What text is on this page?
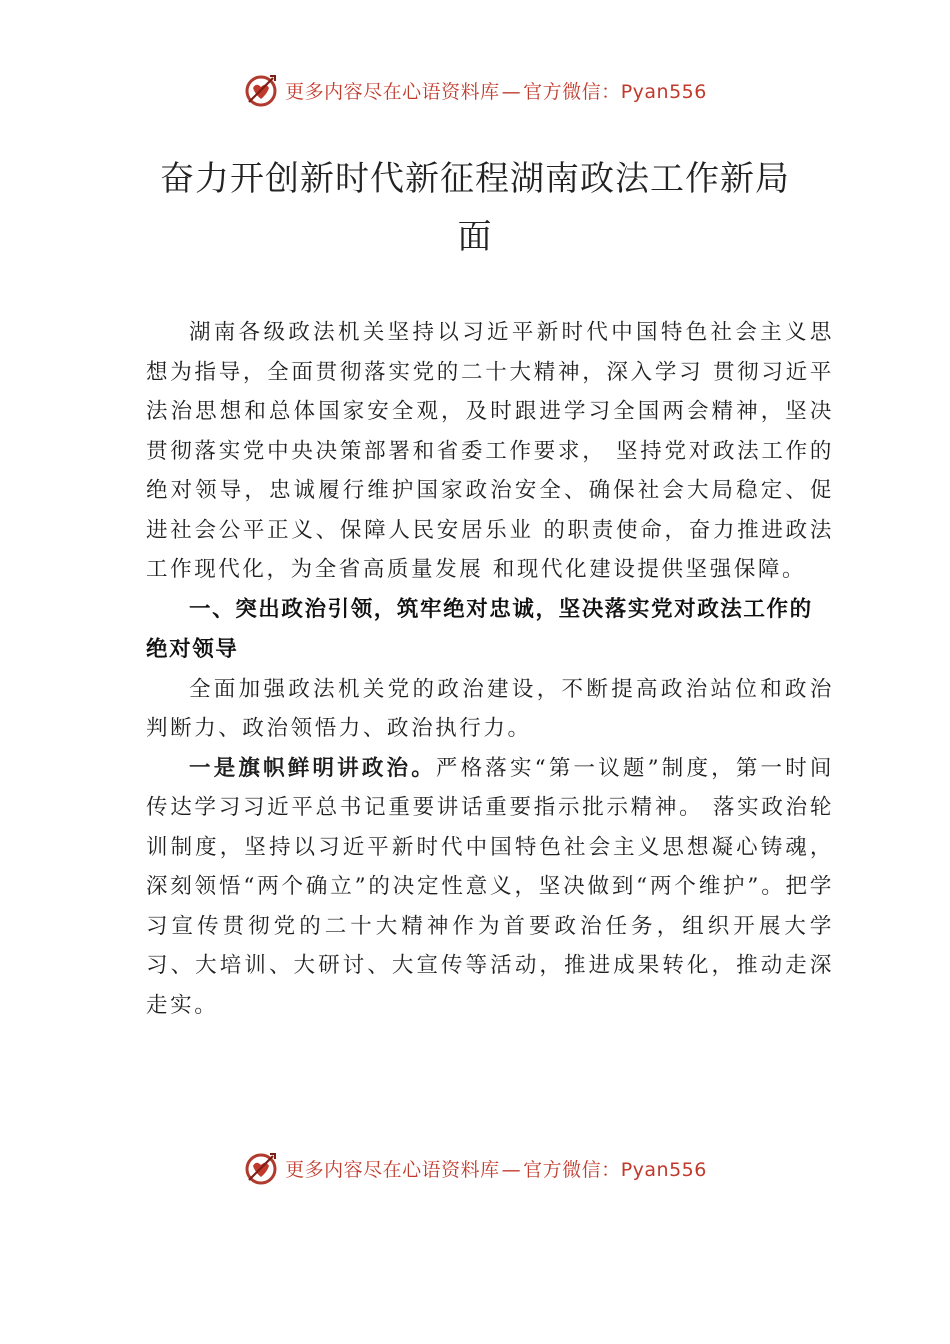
更多内容尽在心语资料库 — 官方微信：Pyan556
奋力开创新时代新征程湖南政法工作新局面

湖南各级政法机关坚持以习近平新时代中国特色社会主义思想为指导，全面贯彻落实党的二十大精神，深入学习 贯彻习近平法治思想和总体国家安全观，及时跟进学习全国两会精神，坚决贯彻落实党中央决策部署和省委工作要求， 坚持党对政法工作的绝对领导，忠诚履行维护国家政治安全、确保社会大局稳定、促进社会公平正义、保障人民安居乐业 的职责使命，奋力推进政法工作现代化，为全省高质量发展 和现代化建设提供坚强保障。

一、突出政治引领，筑牢绝对忠诚，坚决落实党对政法工作的绝对领导

全面加强政法机关党的政治建设，不断提高政治站位和政治判断力、政治领悟力、政治执行力。

一是旗帜鲜明讲政治。严格落实“第一议题”制度，第一时间传达学习习近平总书记重要讲话重要指示批示精神。 落实政治轮训制度，坚持以习近平新时代中国特色社会主义思想凝心铸魂，深刻领悟“两个确立”的决定性意义，坚决做到“两个维护”。把学习宣传贯彻党的二十大精神作为首要政治任务，组织开展大学习、大培训、大研讨、大宣传等活动，推进成果转化，推动走深走实。

更多内容尽在心语资料库 — 官方微信：Pyan556
